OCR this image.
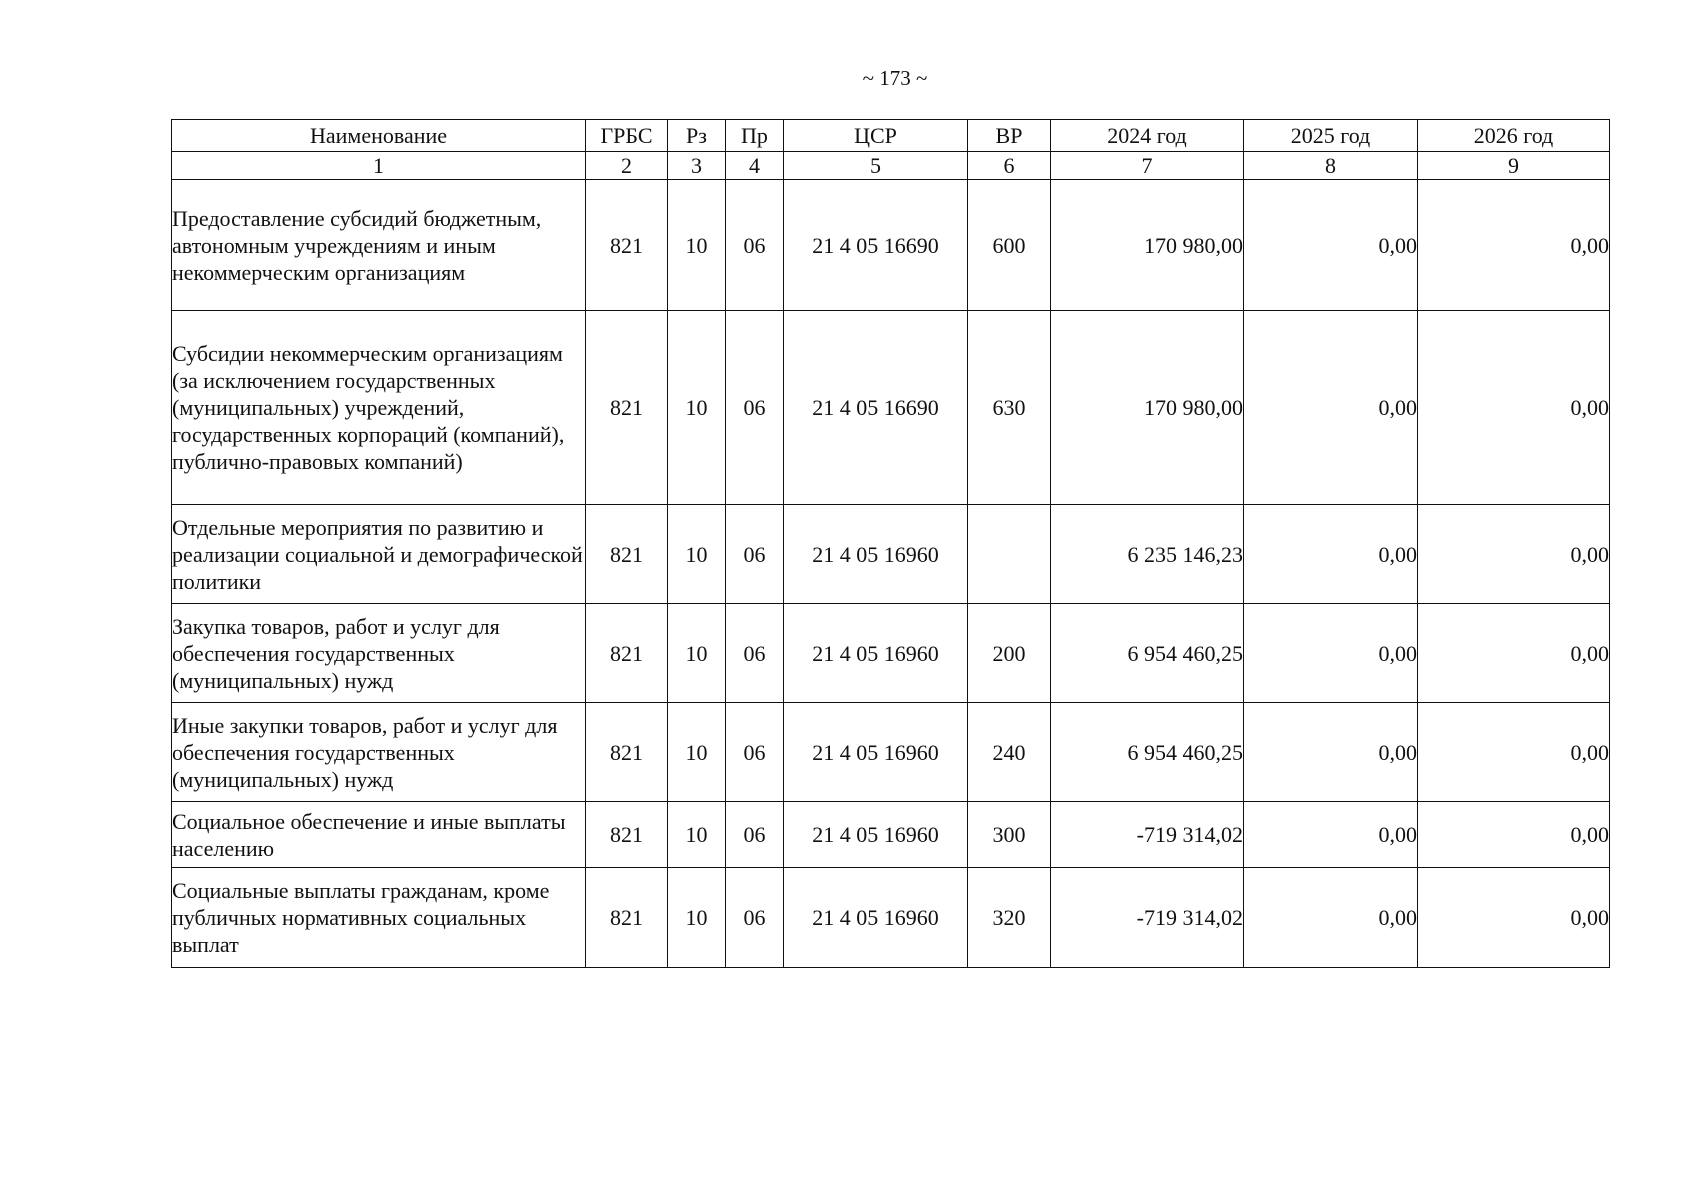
~ 173 ~
Наименование	ГРБС	Рз	Пр	ЦСР	ВР	2024 год	2025 год	2026 год
1	2	3	4	5	6	7	8	9
Предоставление субсидий бюджетным, автономным учреждениям и иным некоммерческим организациям	821	10	06	21 4 05 16690	600	170 980,00	0,00	0,00
Субсидии некоммерческим организациям (за исключением государственных (муниципальных) учреждений, государственных корпораций (компаний), публично-правовых компаний)	821	10	06	21 4 05 16690	630	170 980,00	0,00	0,00
Отдельные мероприятия по развитию и реализации социальной и демографической политики	821	10	06	21 4 05 16960		6 235 146,23	0,00	0,00
Закупка товаров, работ и услуг для обеспечения государственных (муниципальных) нужд	821	10	06	21 4 05 16960	200	6 954 460,25	0,00	0,00
Иные закупки товаров, работ и услуг для обеспечения государственных (муниципальных) нужд	821	10	06	21 4 05 16960	240	6 954 460,25	0,00	0,00
Социальное обеспечение и иные выплаты населению	821	10	06	21 4 05 16960	300	-719 314,02	0,00	0,00
Социальные выплаты гражданам, кроме публичных нормативных социальных выплат	821	10	06	21 4 05 16960	320	-719 314,02	0,00	0,00
